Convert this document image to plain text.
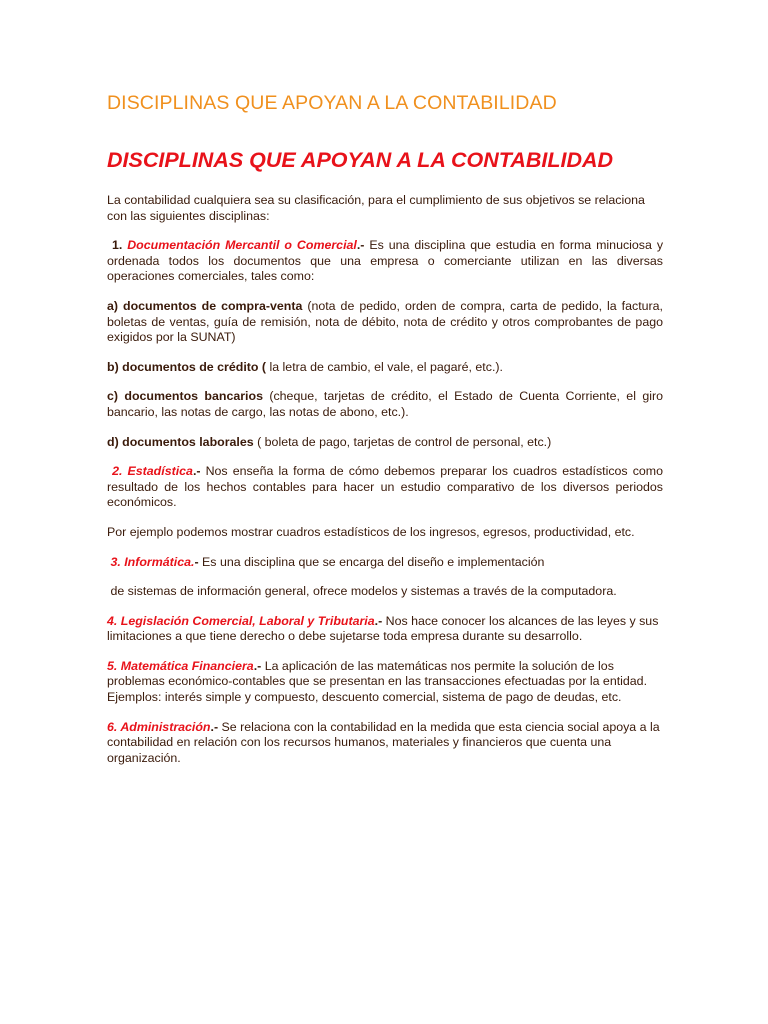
DISCIPLINAS QUE APOYAN A LA CONTABILIDAD
DISCIPLINAS QUE APOYAN A LA CONTABILIDAD

La contabilidad cualquiera sea su clasificación, para el cumplimiento de sus objetivos se relaciona con las siguientes disciplinas:

1. Documentación Mercantil o Comercial.- Es una disciplina que estudia en forma minuciosa y ordenada todos los documentos que una empresa o comerciante utilizan en las diversas operaciones comerciales, tales como:

a) documentos de compra-venta (nota de pedido, orden de compra, carta de pedido, la factura, boletas de ventas, guía de remisión, nota de débito, nota de crédito y otros comprobantes de pago exigidos por la SUNAT)

b) documentos de crédito ( la letra de cambio, el vale, el pagaré, etc.).

c) documentos bancarios (cheque, tarjetas de crédito, el Estado de Cuenta Corriente, el giro bancario, las notas de cargo, las notas de abono, etc.).

d) documentos laborales ( boleta de pago, tarjetas de control de personal, etc.)

2. Estadística.- Nos enseña la forma de cómo debemos preparar los cuadros estadísticos como resultado de los hechos contables para hacer un estudio comparativo de los diversos periodos económicos.

Por ejemplo podemos mostrar cuadros estadísticos de los ingresos, egresos, productividad, etc.

3. Informática.- Es una disciplina que se encarga del diseño e implementación

de sistemas de información general, ofrece modelos y sistemas a través de la computadora.

4. Legislación Comercial, Laboral y Tributaria.- Nos hace conocer los alcances de las leyes y sus limitaciones a que tiene derecho o debe sujetarse toda empresa durante su desarrollo.

5. Matemática Financiera.- La aplicación de las matemáticas nos permite la solución de los problemas económico-contables que se presentan en las transacciones efectuadas por la entidad. Ejemplos: interés simple y compuesto, descuento comercial, sistema de pago de deudas, etc.

6. Administración.- Se relaciona con la contabilidad en la medida que esta ciencia social apoya a la contabilidad en relación con los recursos humanos, materiales y financieros que cuenta una organización.
